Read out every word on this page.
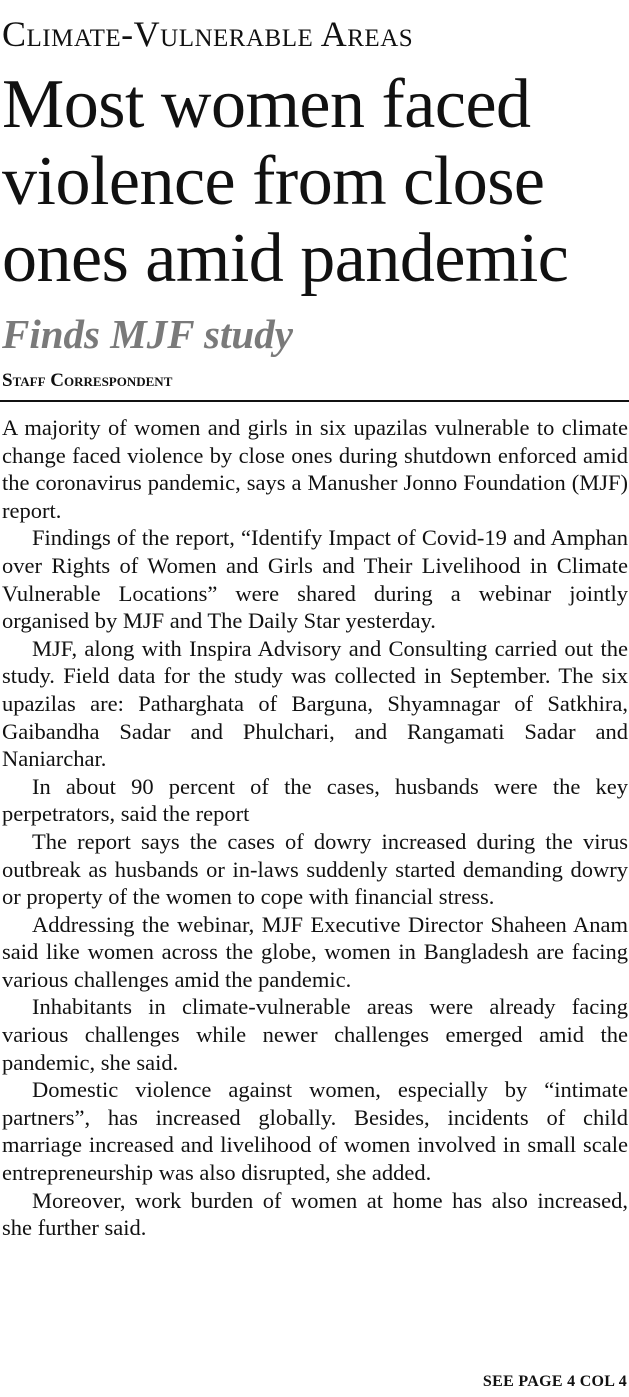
Climate-Vulnerable Areas
Most women faced
violence from close
ones amid pandemic
Finds MJF study
Staff Correspondent

A majority of women and girls in six upazilas vulnerable to climate change faced violence by close ones during shutdown enforced amid the coronavirus pandemic, says a Manusher Jonno Foundation (MJF) report.

Findings of the report, “Identify Impact of Covid-19 and Amphan over Rights of Women and Girls and Their Livelihood in Climate Vulnerable Locations” were shared during a webinar jointly organised by MJF and The Daily Star yesterday.

MJF, along with Inspira Advisory and Consulting carried out the study. Field data for the study was collected in September. The six upazilas are: Patharghata of Barguna, Shyamnagar of Satkhira, Gaibandha Sadar and Phulchari, and Rangamati Sadar and Naniarchar.

In about 90 percent of the cases, husbands were the key perpetrators, said the report

The report says the cases of dowry increased during the virus outbreak as husbands or in-laws suddenly started demanding dowry or property of the women to cope with financial stress.

Addressing the webinar, MJF Executive Director Shaheen Anam said like women across the globe, women in Bangladesh are facing various challenges amid the pandemic.

Inhabitants in climate-vulnerable areas were already facing various challenges while newer challenges emerged amid the pandemic, she said.

Domestic violence against women, especially by “intimate partners”, has increased globally. Besides, incidents of child marriage increased and livelihood of women involved in small scale entrepreneurship was also disrupted, she added.

Moreover, work burden of women at home has also increased, she further said.

SEE PAGE 4 COL 4
